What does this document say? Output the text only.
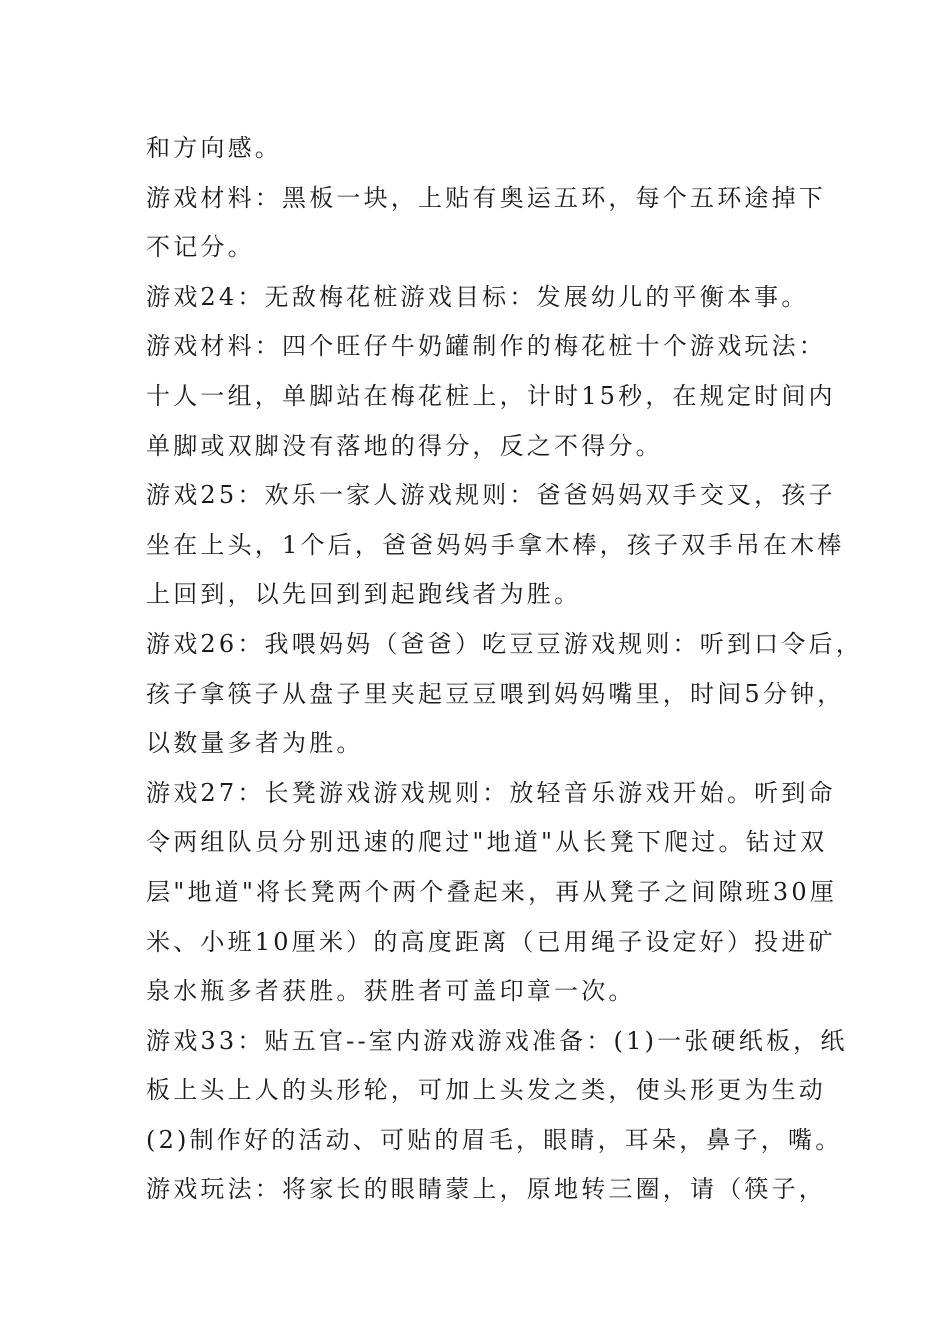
和方向感。
游戏材料：黑板一块，上贴有奥运五环，每个五环途掉下
不记分。
游戏24：无敌梅花桩游戏目标：发展幼儿的平衡本事。
游戏材料：四个旺仔牛奶罐制作的梅花桩十个游戏玩法：
十人一组，单脚站在梅花桩上，计时15秒，在规定时间内
单脚或双脚没有落地的得分，反之不得分。
游戏25：欢乐一家人游戏规则：爸爸妈妈双手交叉，孩子
坐在上头，1个后，爸爸妈妈手拿木棒，孩子双手吊在木棒
上回到，以先回到到起跑线者为胜。
游戏26：我喂妈妈（爸爸）吃豆豆游戏规则：听到口令后，
孩子拿筷子从盘子里夹起豆豆喂到妈妈嘴里，时间5分钟，
以数量多者为胜。
游戏27：长凳游戏游戏规则：放轻音乐游戏开始。听到命
令两组队员分别迅速的爬过"地道"从长凳下爬过。钻过双
层"地道"将长凳两个两个叠起来，再从凳子之间隙班30厘
米、小班10厘米）的高度距离（已用绳子设定好）投进矿
泉水瓶多者获胜。获胜者可盖印章一次。
游戏33：贴五官--室内游戏游戏准备：(1)一张硬纸板，纸
板上头上人的头形轮，可加上头发之类，使头形更为生动
(2)制作好的活动、可贴的眉毛，眼睛，耳朵，鼻子，嘴。
游戏玩法：将家长的眼睛蒙上，原地转三圈，请（筷子，
